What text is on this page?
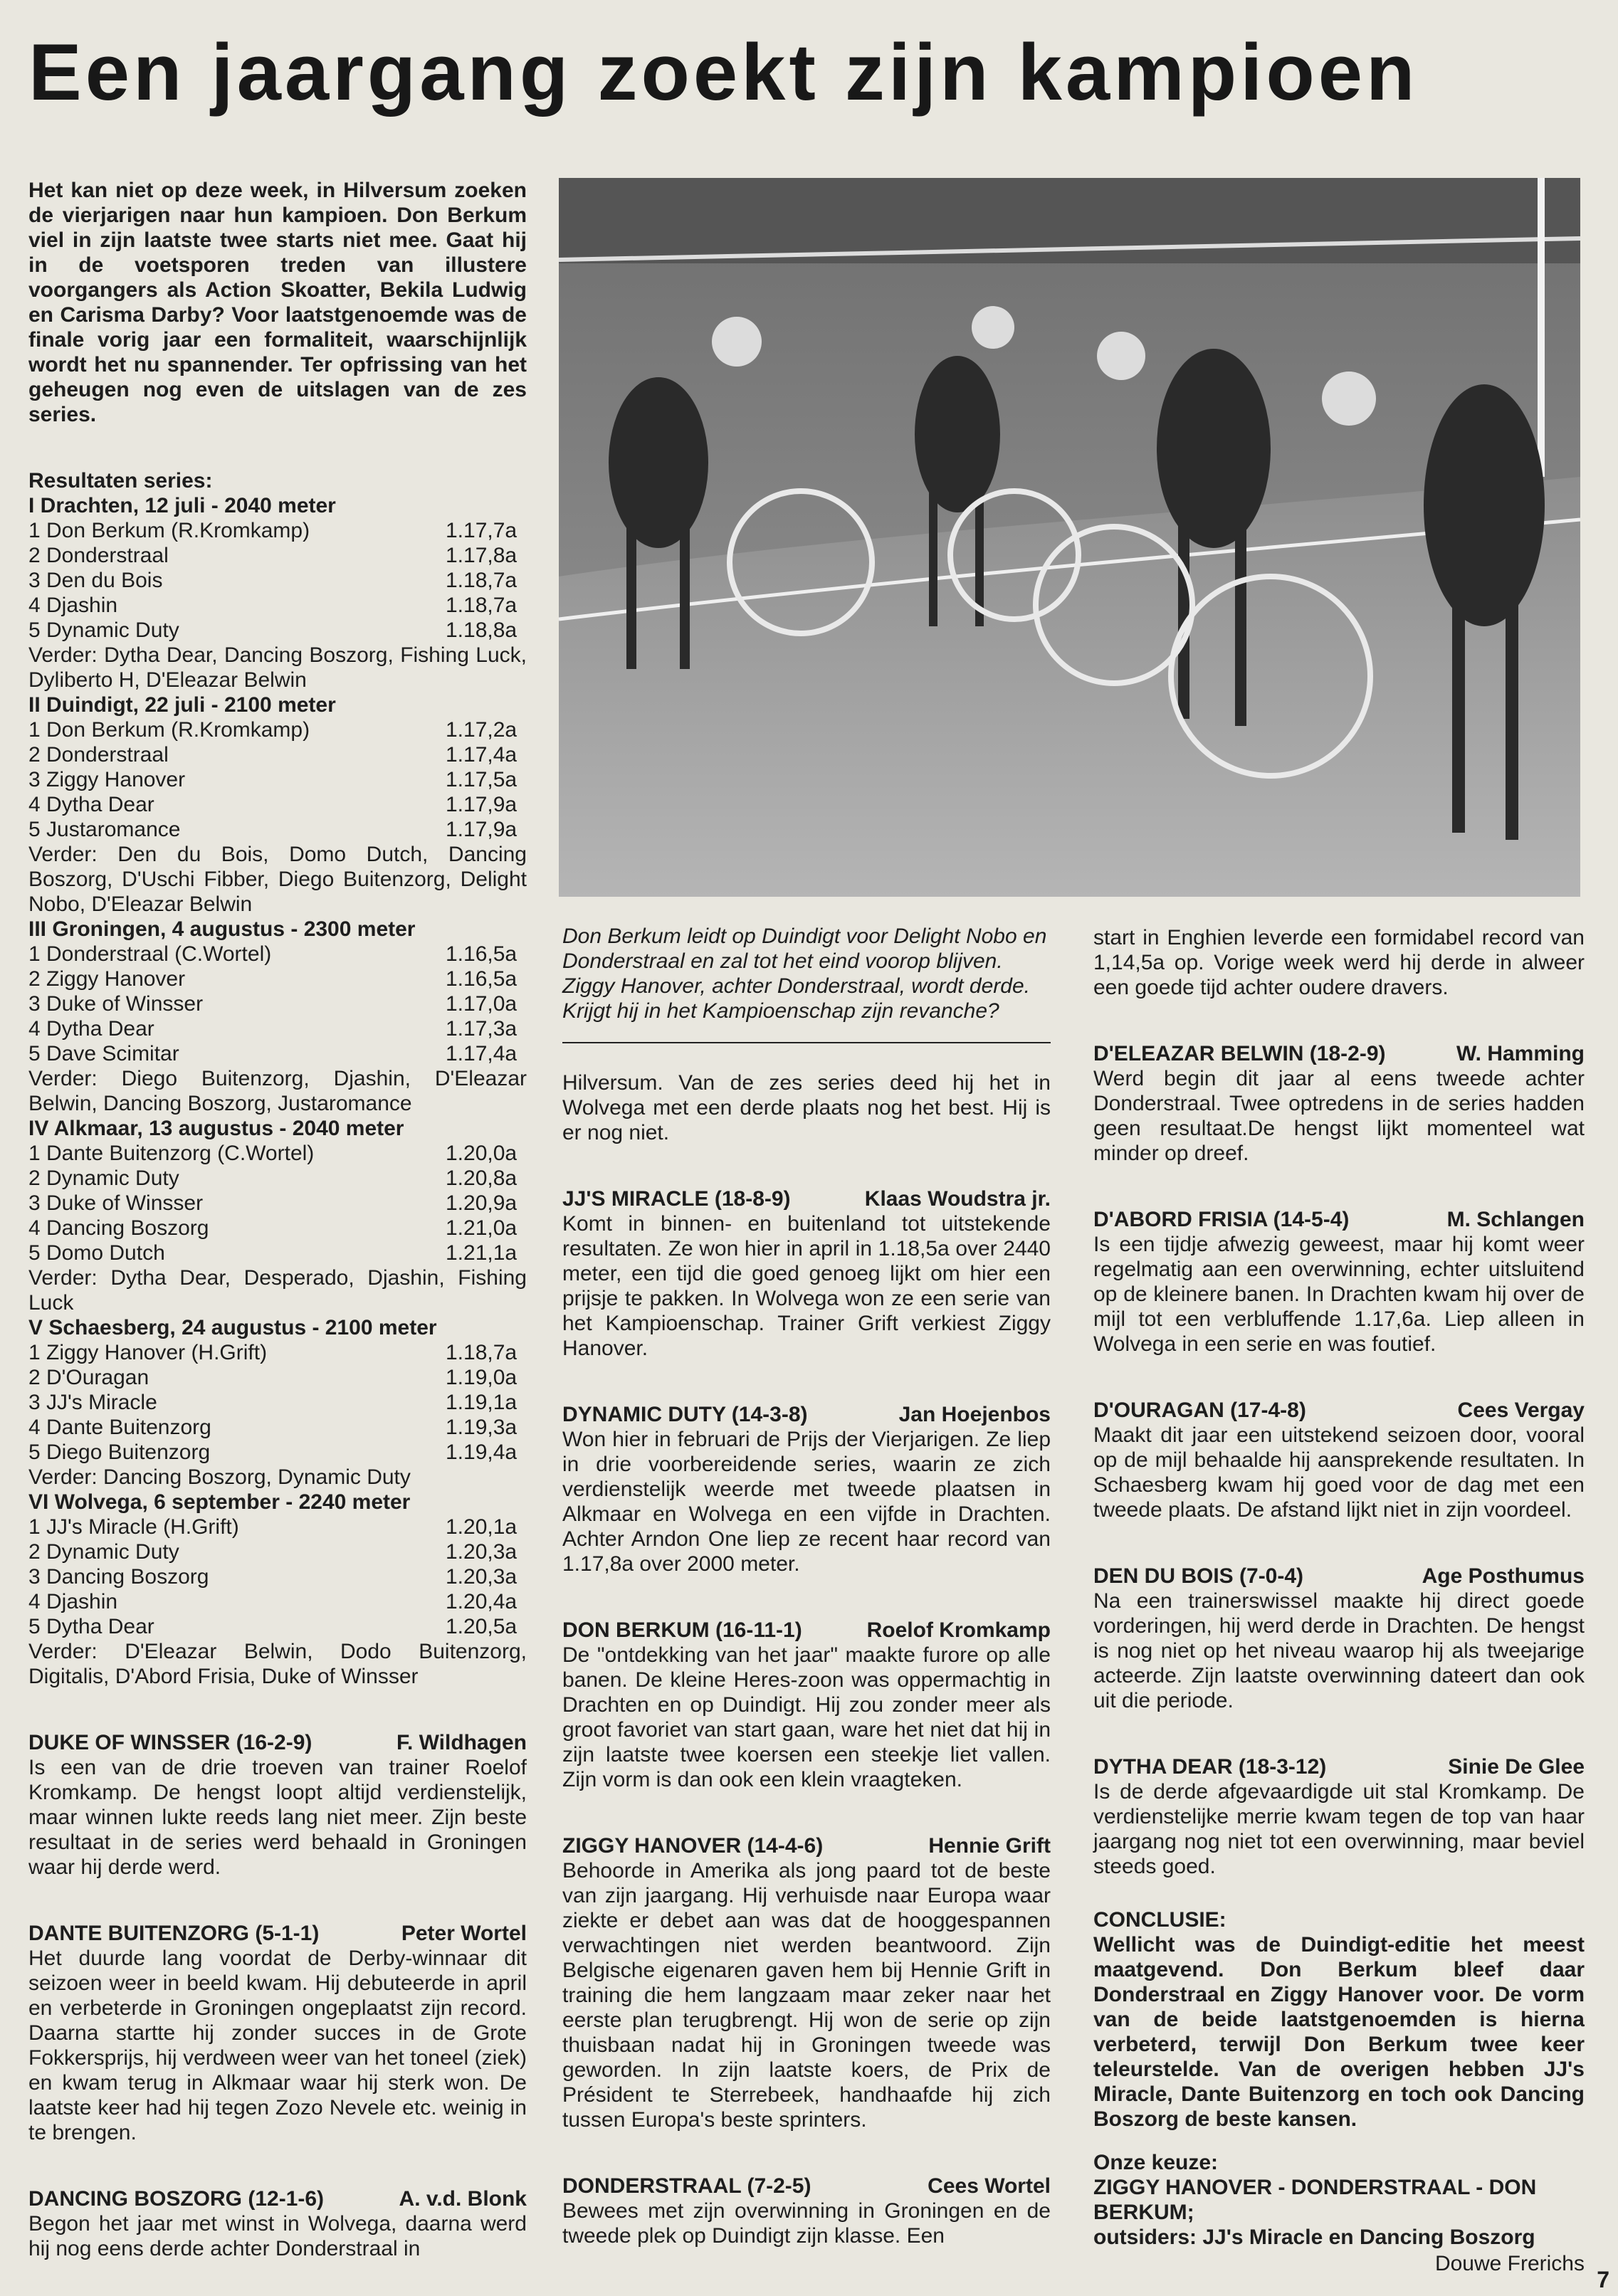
Een jaargang zoekt zijn kampioen

Het kan niet op deze week, in Hilversum zoeken de vierjarigen naar hun kampioen. Don Berkum viel in zijn laatste twee starts niet mee. Gaat hij in de voetsporen treden van illustere voorgangers als Action Skoatter, Bekila Ludwig en Carisma Darby? Voor laatstgenoemde was de finale vorig jaar een formaliteit, waarschijnlijk wordt het nu spannender. Ter opfrissing van het geheugen nog even de uitslagen van de zes series.

Resultaten series:
I Drachten, 12 juli - 2040 meter
1 Don Berkum (R.Kromkamp)	1.17,7a
2 Donderstraal	1.17,8a
3 Den du Bois	1.18,7a
4 Djashin	1.18,7a
5 Dynamic Duty	1.18,8a

Verder: Dytha Dear, Dancing Boszorg, Fishing Luck, Dyliberto H, D'Eleazar Belwin

II Duindigt, 22 juli - 2100 meter
1 Don Berkum (R.Kromkamp)	1.17,2a
2 Donderstraal	1.17,4a
3 Ziggy Hanover	1.17,5a
4 Dytha Dear	1.17,9a
5 Justaromance	1.17,9a

Verder: Den du Bois, Domo Dutch, Dancing Boszorg, D'Uschi Fibber, Diego Buitenzorg, Delight Nobo, D'Eleazar Belwin

III Groningen, 4 augustus - 2300 meter
1 Donderstraal (C.Wortel)	1.16,5a
2 Ziggy Hanover	1.16,5a
3 Duke of Winsser	1.17,0a
4 Dytha Dear	1.17,3a
5 Dave Scimitar	1.17,4a

Verder: Diego Buitenzorg, Djashin, D'Eleazar Belwin, Dancing Boszorg, Justaromance

IV Alkmaar, 13 augustus - 2040 meter
1 Dante Buitenzorg (C.Wortel)	1.20,0a
2 Dynamic Duty	1.20,8a
3 Duke of Winsser	1.20,9a
4 Dancing Boszorg	1.21,0a
5 Domo Dutch	1.21,1a

Verder: Dytha Dear, Desperado, Djashin, Fishing Luck

V Schaesberg, 24 augustus - 2100 meter
1 Ziggy Hanover (H.Grift)	1.18,7a
2 D'Ouragan	1.19,0a
3 JJ's Miracle	1.19,1a
4 Dante Buitenzorg	1.19,3a
5 Diego Buitenzorg	1.19,4a

Verder: Dancing Boszorg, Dynamic Duty

VI Wolvega, 6 september - 2240 meter
1 JJ's Miracle (H.Grift)	1.20,1a
2 Dynamic Duty	1.20,3a
3 Dancing Boszorg	1.20,3a
4 Djashin	1.20,4a
5 Dytha Dear	1.20,5a

Verder: D'Eleazar Belwin, Dodo Buitenzorg, Digitalis, D'Abord Frisia, Duke of Winsser

DUKE OF WINSSER (16-2-9)	F. Wildhagen

Is een van de drie troeven van trainer Roelof Kromkamp. De hengst loopt altijd verdienstelijk, maar winnen lukte reeds lang niet meer. Zijn beste resultaat in de series werd behaald in Groningen waar hij derde werd.

DANTE BUITENZORG (5-1-1)	Peter Wortel

Het duurde lang voordat de Derby-winnaar dit seizoen weer in beeld kwam. Hij debuteerde in april en verbeterde in Groningen ongeplaatst zijn record. Daarna startte hij zonder succes in de Grote Fokkersprijs, hij verdween weer van het toneel (ziek) en kwam terug in Alkmaar waar hij sterk won. De laatste keer had hij tegen Zozo Nevele etc. weinig in te brengen.

DANCING BOSZORG (12-1-6)	A. v.d. Blonk

Begon het jaar met winst in Wolvega, daarna werd hij nog eens derde achter Donderstraal in

Don Berkum leidt op Duindigt voor Delight Nobo en Donderstraal en zal tot het eind voorop blijven. Ziggy Hanover, achter Donderstraal, wordt derde. Krijgt hij in het Kampioenschap zijn revanche?

Hilversum. Van de zes series deed hij het in Wolvega met een derde plaats nog het best. Hij is er nog niet.

JJ'S MIRACLE (18-8-9)	Klaas Woudstra jr.

Komt in binnen- en buitenland tot uitstekende resultaten. Ze won hier in april in 1.18,5a over 2440 meter, een tijd die goed genoeg lijkt om hier een prijsje te pakken. In Wolvega won ze een serie van het Kampioenschap. Trainer Grift verkiest Ziggy Hanover.

DYNAMIC DUTY (14-3-8)	Jan Hoejenbos

Won hier in februari de Prijs der Vierjarigen. Ze liep in drie voorbereidende series, waarin ze zich verdienstelijk weerde met tweede plaatsen in Alkmaar en Wolvega en een vijfde in Drachten. Achter Arndon One liep ze recent haar record van 1.17,8a over 2000 meter.

DON BERKUM (16-11-1)	Roelof Kromkamp

De "ontdekking van het jaar" maakte furore op alle banen. De kleine Heres-zoon was oppermachtig in Drachten en op Duindigt. Hij zou zonder meer als groot favoriet van start gaan, ware het niet dat hij in zijn laatste twee koersen een steekje liet vallen. Zijn vorm is dan ook een klein vraagteken.

ZIGGY HANOVER (14-4-6)	Hennie Grift

Behoorde in Amerika als jong paard tot de beste van zijn jaargang. Hij verhuisde naar Europa waar ziekte er debet aan was dat de hooggespannen verwachtingen niet werden beantwoord. Zijn Belgische eigenaren gaven hem bij Hennie Grift in training die hem langzaam maar zeker naar het eerste plan terugbrengt. Hij won de serie op zijn thuisbaan nadat hij in Groningen tweede was geworden. In zijn laatste koers, de Prix de Président te Sterrebeek, handhaafde hij zich tussen Europa's beste sprinters.

DONDERSTRAAL (7-2-5)	Cees Wortel

Bewees met zijn overwinning in Groningen en de tweede plek op Duindigt zijn klasse. Een

start in Enghien leverde een formidabel record van 1,14,5a op. Vorige week werd hij derde in alweer een goede tijd achter oudere dravers.

D'ELEAZAR BELWIN (18-2-9)	W. Hamming

Werd begin dit jaar al eens tweede achter Donderstraal. Twee optredens in de series hadden geen resultaat.De hengst lijkt momenteel wat minder op dreef.

D'ABORD FRISIA (14-5-4)	M. Schlangen

Is een tijdje afwezig geweest, maar hij komt weer regelmatig aan een overwinning, echter uitsluitend op de kleinere banen. In Drachten kwam hij over de mijl tot een verbluffende 1.17,6a. Liep alleen in Wolvega in een serie en was foutief.

D'OURAGAN (17-4-8)	Cees Vergay

Maakt dit jaar een uitstekend seizoen door, vooral op de mijl behaalde hij aansprekende resultaten. In Schaesberg kwam hij goed voor de dag met een tweede plaats. De afstand lijkt niet in zijn voordeel.

DEN DU BOIS (7-0-4)	Age Posthumus

Na een trainerswissel maakte hij direct goede vorderingen, hij werd derde in Drachten. De hengst is nog niet op het niveau waarop hij als tweejarige acteerde. Zijn laatste overwinning dateert dan ook uit die periode.

DYTHA DEAR (18-3-12)	Sinie De Glee

Is de derde afgevaardigde uit stal Kromkamp. De verdienstelijke merrie kwam tegen de top van haar jaargang nog niet tot een overwinning, maar beviel steeds goed.

CONCLUSIE:

Wellicht was de Duindigt-editie het meest maatgevend. Don Berkum bleef daar Donderstraal en Ziggy Hanover voor. De vorm van de beide laatstgenoemden is hierna verbeterd, terwijl Don Berkum twee keer teleurstelde. Van de overigen hebben JJ's Miracle, Dante Buitenzorg en toch ook Dancing Boszorg de beste kansen.

Onze keuze:

ZIGGY HANOVER - DONDERSTRAAL - DON BERKUM;

outsiders: JJ's Miracle en Dancing Boszorg

Douwe Frerichs
7
